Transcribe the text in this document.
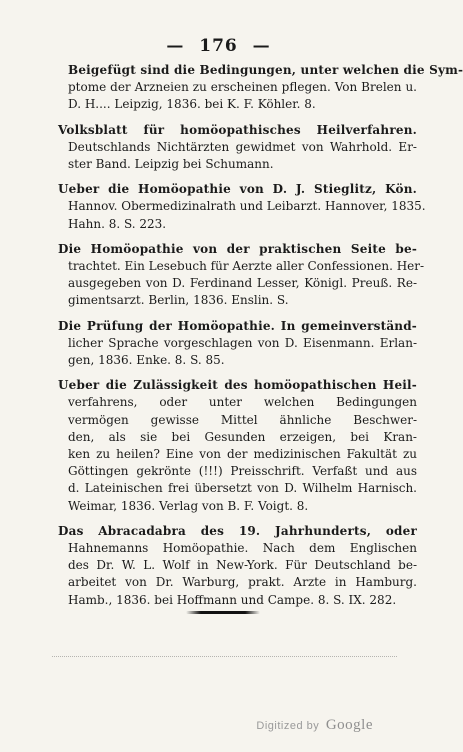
— 176 —
Beigefügt sind die Bedingungen, unter welchen die Sym-
ptome der Arzneien zu erscheinen pflegen. Von Brelen u.
D. H.... Leipzig, 1836. bei K. F. Köhler. 8.
Volksblatt für homöopathisches Heilverfahren.
Deutschlands Nichtärzten gewidmet von Wahrhold. Er-
ster Band. Leipzig bei Schumann.
Ueber die Homöopathie von D. J. Stieglitz, Kön.
Hannov. Obermedizinalrath und Leibarzt. Hannover, 1835.
Hahn. 8. S. 223.
Die Homöopathie von der praktischen Seite be-
trachtet. Ein Lesebuch für Aerzte aller Confessionen. Her-
ausgegeben von D. Ferdinand Lesser, Königl. Preuß. Re-
gimentsarzt. Berlin, 1836. Enslin. S.
Die Prüfung der Homöopathie. In gemeinverständ-
licher Sprache vorgeschlagen von D. Eisenmann. Erlan-
gen, 1836. Enke. 8. S. 85.
Ueber die Zulässigkeit des homöopathischen Heil-
verfahrens, oder unter welchen Bedingungen
vermögen gewisse Mittel ähnliche Beschwer-
den, als sie bei Gesunden erzeigen, bei Kran-
ken zu heilen? Eine von der medizinischen Fakultät zu
Göttingen gekrönte (!!!) Preisschrift. Verfaßt und aus
d. Lateinischen frei übersetzt von D. Wilhelm Harnisch.
Weimar, 1836. Verlag von B. F. Voigt. 8.
Das Abracadabra des 19. Jahrhunderts, oder
Hahnemanns Homöopathie. Nach dem Englischen
des Dr. W. L. Wolf in New-York. Für Deutschland be-
arbeitet von Dr. Warburg, prakt. Arzte in Hamburg.
Hamb., 1836. bei Hoffmann und Campe. 8. S. IX. 282.
Digitized by Google
